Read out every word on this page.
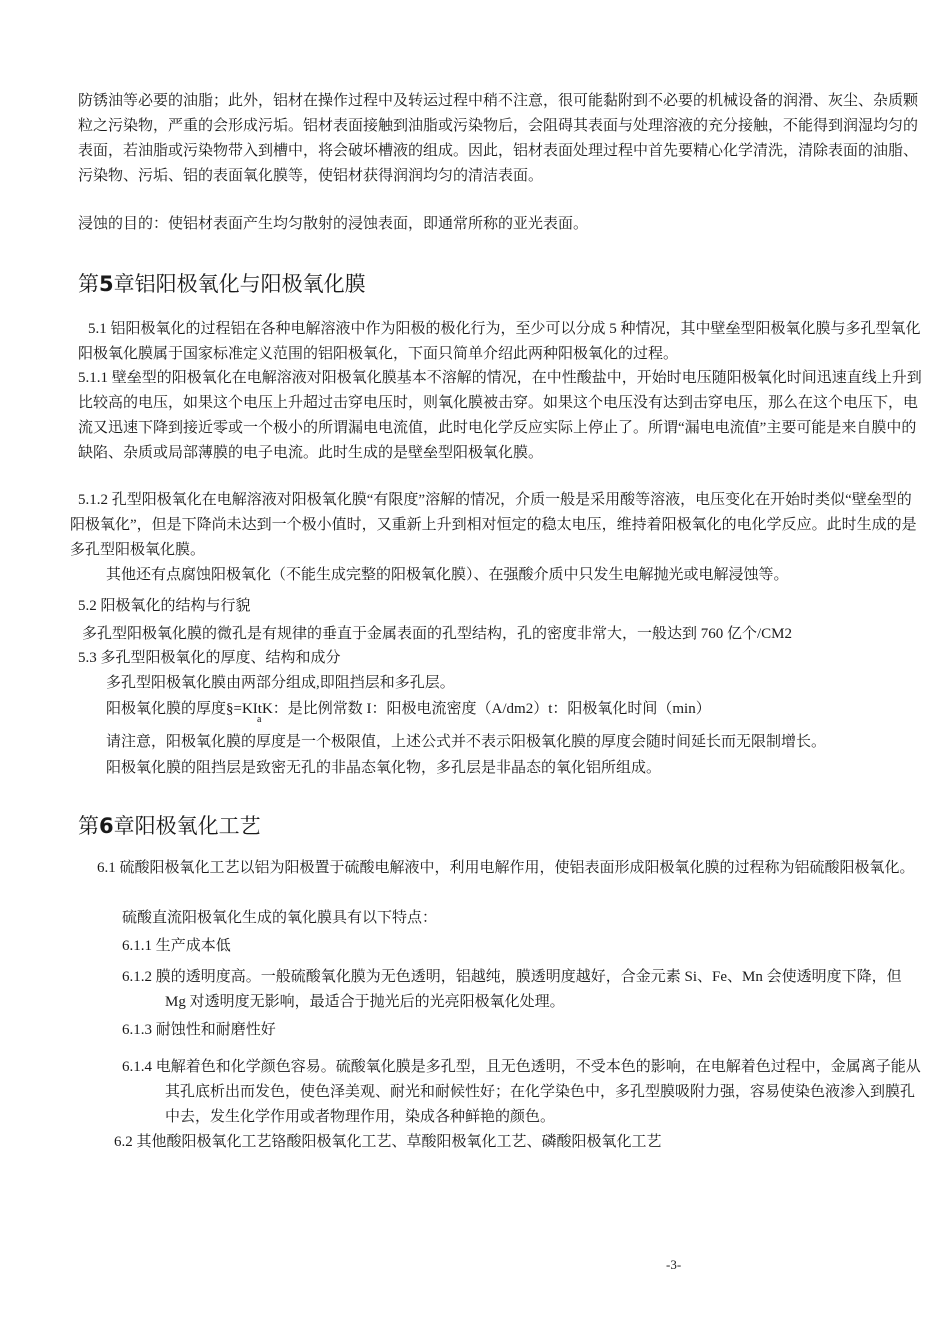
防锈油等必要的油脂；此外，铝材在操作过程中及转运过程中稍不注意，很可能黏附到不必要的机械设备的润滑、灰尘、杂质颗粒之污染物，严重的会形成污垢。铝材表面接触到油脂或污染物后，会阻碍其表面与处理溶液的充分接触，不能得到润湿均匀的表面，若油脂或污染物带入到槽中，将会破坏槽液的组成。因此，铝材表面处理过程中首先要精心化学清洗，清除表面的油脂、污染物、污垢、铝的表面氧化膜等，使铝材获得润润均匀的清洁表面。

浸蚀的目的：使铝材表面产生均匀散射的浸蚀表面，即通常所称的亚光表面。

第5章铝阳极氧化与阳极氧化膜

5.1 铝阳极氧化的过程铝在各种电解溶液中作为阳极的极化行为，至少可以分成 5 种情况，其中壁垒型阳极氧化膜与多孔型氧化阳极氧化膜属于国家标准定义范围的铝阳极氧化，下面只简单介绍此两种阳极氧化的过程。

5.1.1 壁垒型的阳极氧化在电解溶液对阳极氧化膜基本不溶解的情况，在中性酸盐中，开始时电压随阳极氧化时间迅速直线上升到比较高的电压，如果这个电压上升超过击穿电压时，则氧化膜被击穿。如果这个电压没有达到击穿电压，那么在这个电压下，电流又迅速下降到接近零或一个极小的所谓漏电电流值，此时电化学反应实际上停止了。所谓“漏电电流值”主要可能是来自膜中的缺陷、杂质或局部薄膜的电子电流。此时生成的是壁垒型阳极氧化膜。

5.1.2 孔型阳极氧化在电解溶液对阳极氧化膜“有限度”溶解的情况，介质一般是采用酸等溶液，电压变化在开始时类似“壁垒型的阳极氧化”，但是下降尚未达到一个极小值时，又重新上升到相对恒定的稳太电压，维持着阳极氧化的电化学反应。此时生成的是多孔型阳极氧化膜。

其他还有点腐蚀阳极氧化（不能生成完整的阳极氧化膜）、在强酸介质中只发生电解抛光或电解浸蚀等。

5.2 阳极氧化的结构与行貌

多孔型阳极氧化膜的微孔是有规律的垂直于金属表面的孔型结构，孔的密度非常大，一般达到 760 亿个/CM2

5.3 多孔型阳极氧化的厚度、结构和成分

多孔型阳极氧化膜由两部分组成,即阻挡层和多孔层。

阳极氧化膜的厚度§=KItK：是比例常数 I：阳极电流密度（A/dm2）t：阳极氧化时间（min）

a

请注意，阳极氧化膜的厚度是一个极限值，上述公式并不表示阳极氧化膜的厚度会随时间延长而无限制增长。

阳极氧化膜的阻挡层是致密无孔的非晶态氧化物，多孔层是非晶态的氧化铝所组成。

第6章阳极氧化工艺

6.1 硫酸阳极氧化工艺以铝为阳极置于硫酸电解液中，利用电解作用，使铝表面形成阳极氧化膜的过程称为铝硫酸阳极氧化。

硫酸直流阳极氧化生成的氧化膜具有以下特点：

6.1.1 生产成本低

6.1.2 膜的透明度高。一般硫酸氧化膜为无色透明，铝越纯，膜透明度越好，合金元素 Si、Fe、Mn 会使透明度下降，但 Mg 对透明度无影响，最适合于抛光后的光亮阳极氧化处理。

6.1.3 耐蚀性和耐磨性好

6.1.4 电解着色和化学颜色容易。硫酸氧化膜是多孔型，且无色透明，不受本色的影响，在电解着色过程中，金属离子能从其孔底析出而发色，使色泽美观、耐光和耐候性好；在化学染色中，多孔型膜吸附力强，容易使染色液渗入到膜孔中去，发生化学作用或者物理作用，染成各种鲜艳的颜色。

6.2 其他酸阳极氧化工艺铬酸阳极氧化工艺、草酸阳极氧化工艺、磷酸阳极氧化工艺

-3-
